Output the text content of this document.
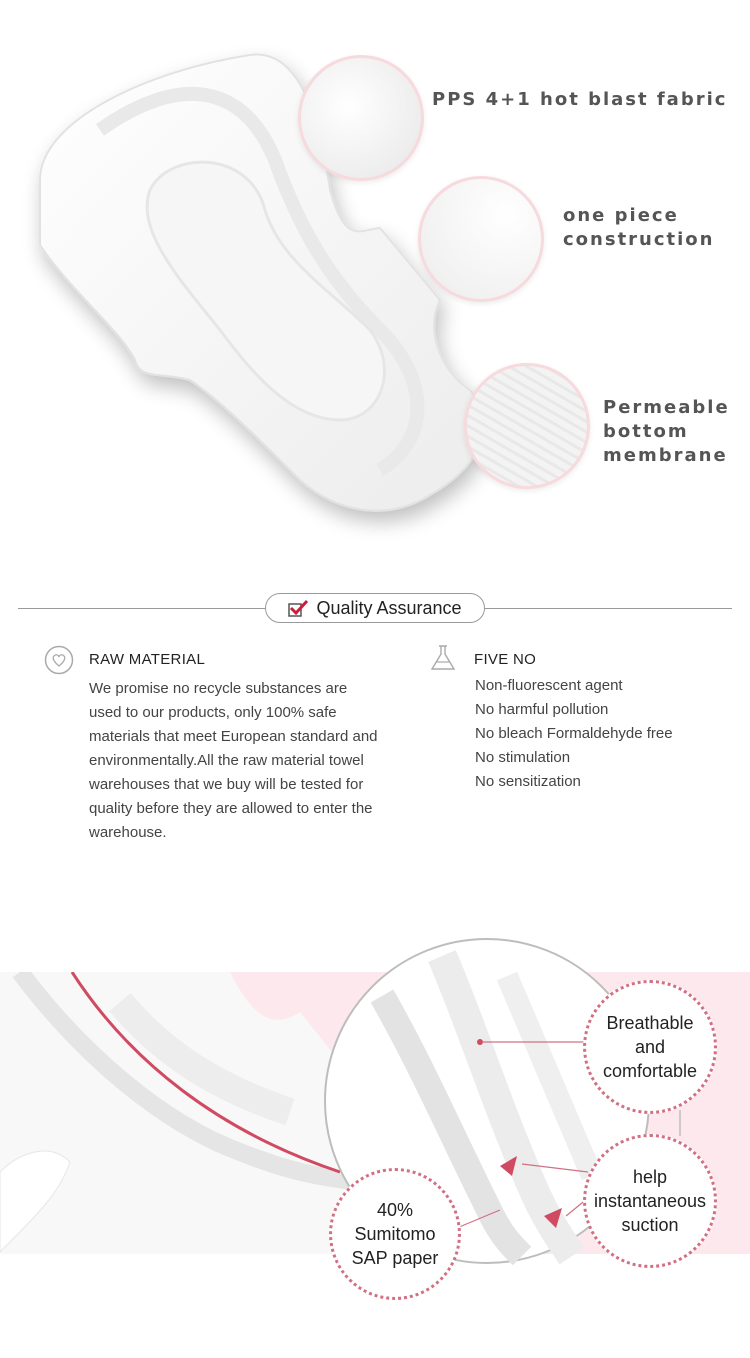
PPS 4+1 hot blast fabric
one piece
construction
Permeable
bottom
membrane
Quality Assurance
RAW MATERIAL
We promise no recycle substances are used to our products, only 100% safe materials that meet European standard and environmentally.All the raw material towel warehouses that we buy will be tested for quality before they are allowed to enter the warehouse.
FIVE NO
Non-fluorescent agent
No harmful pollution
No bleach Formaldehyde free
No stimulation
No sensitization
Breathable
and
comfortable
help
instantaneous
suction
40%
Sumitomo
SAP paper
